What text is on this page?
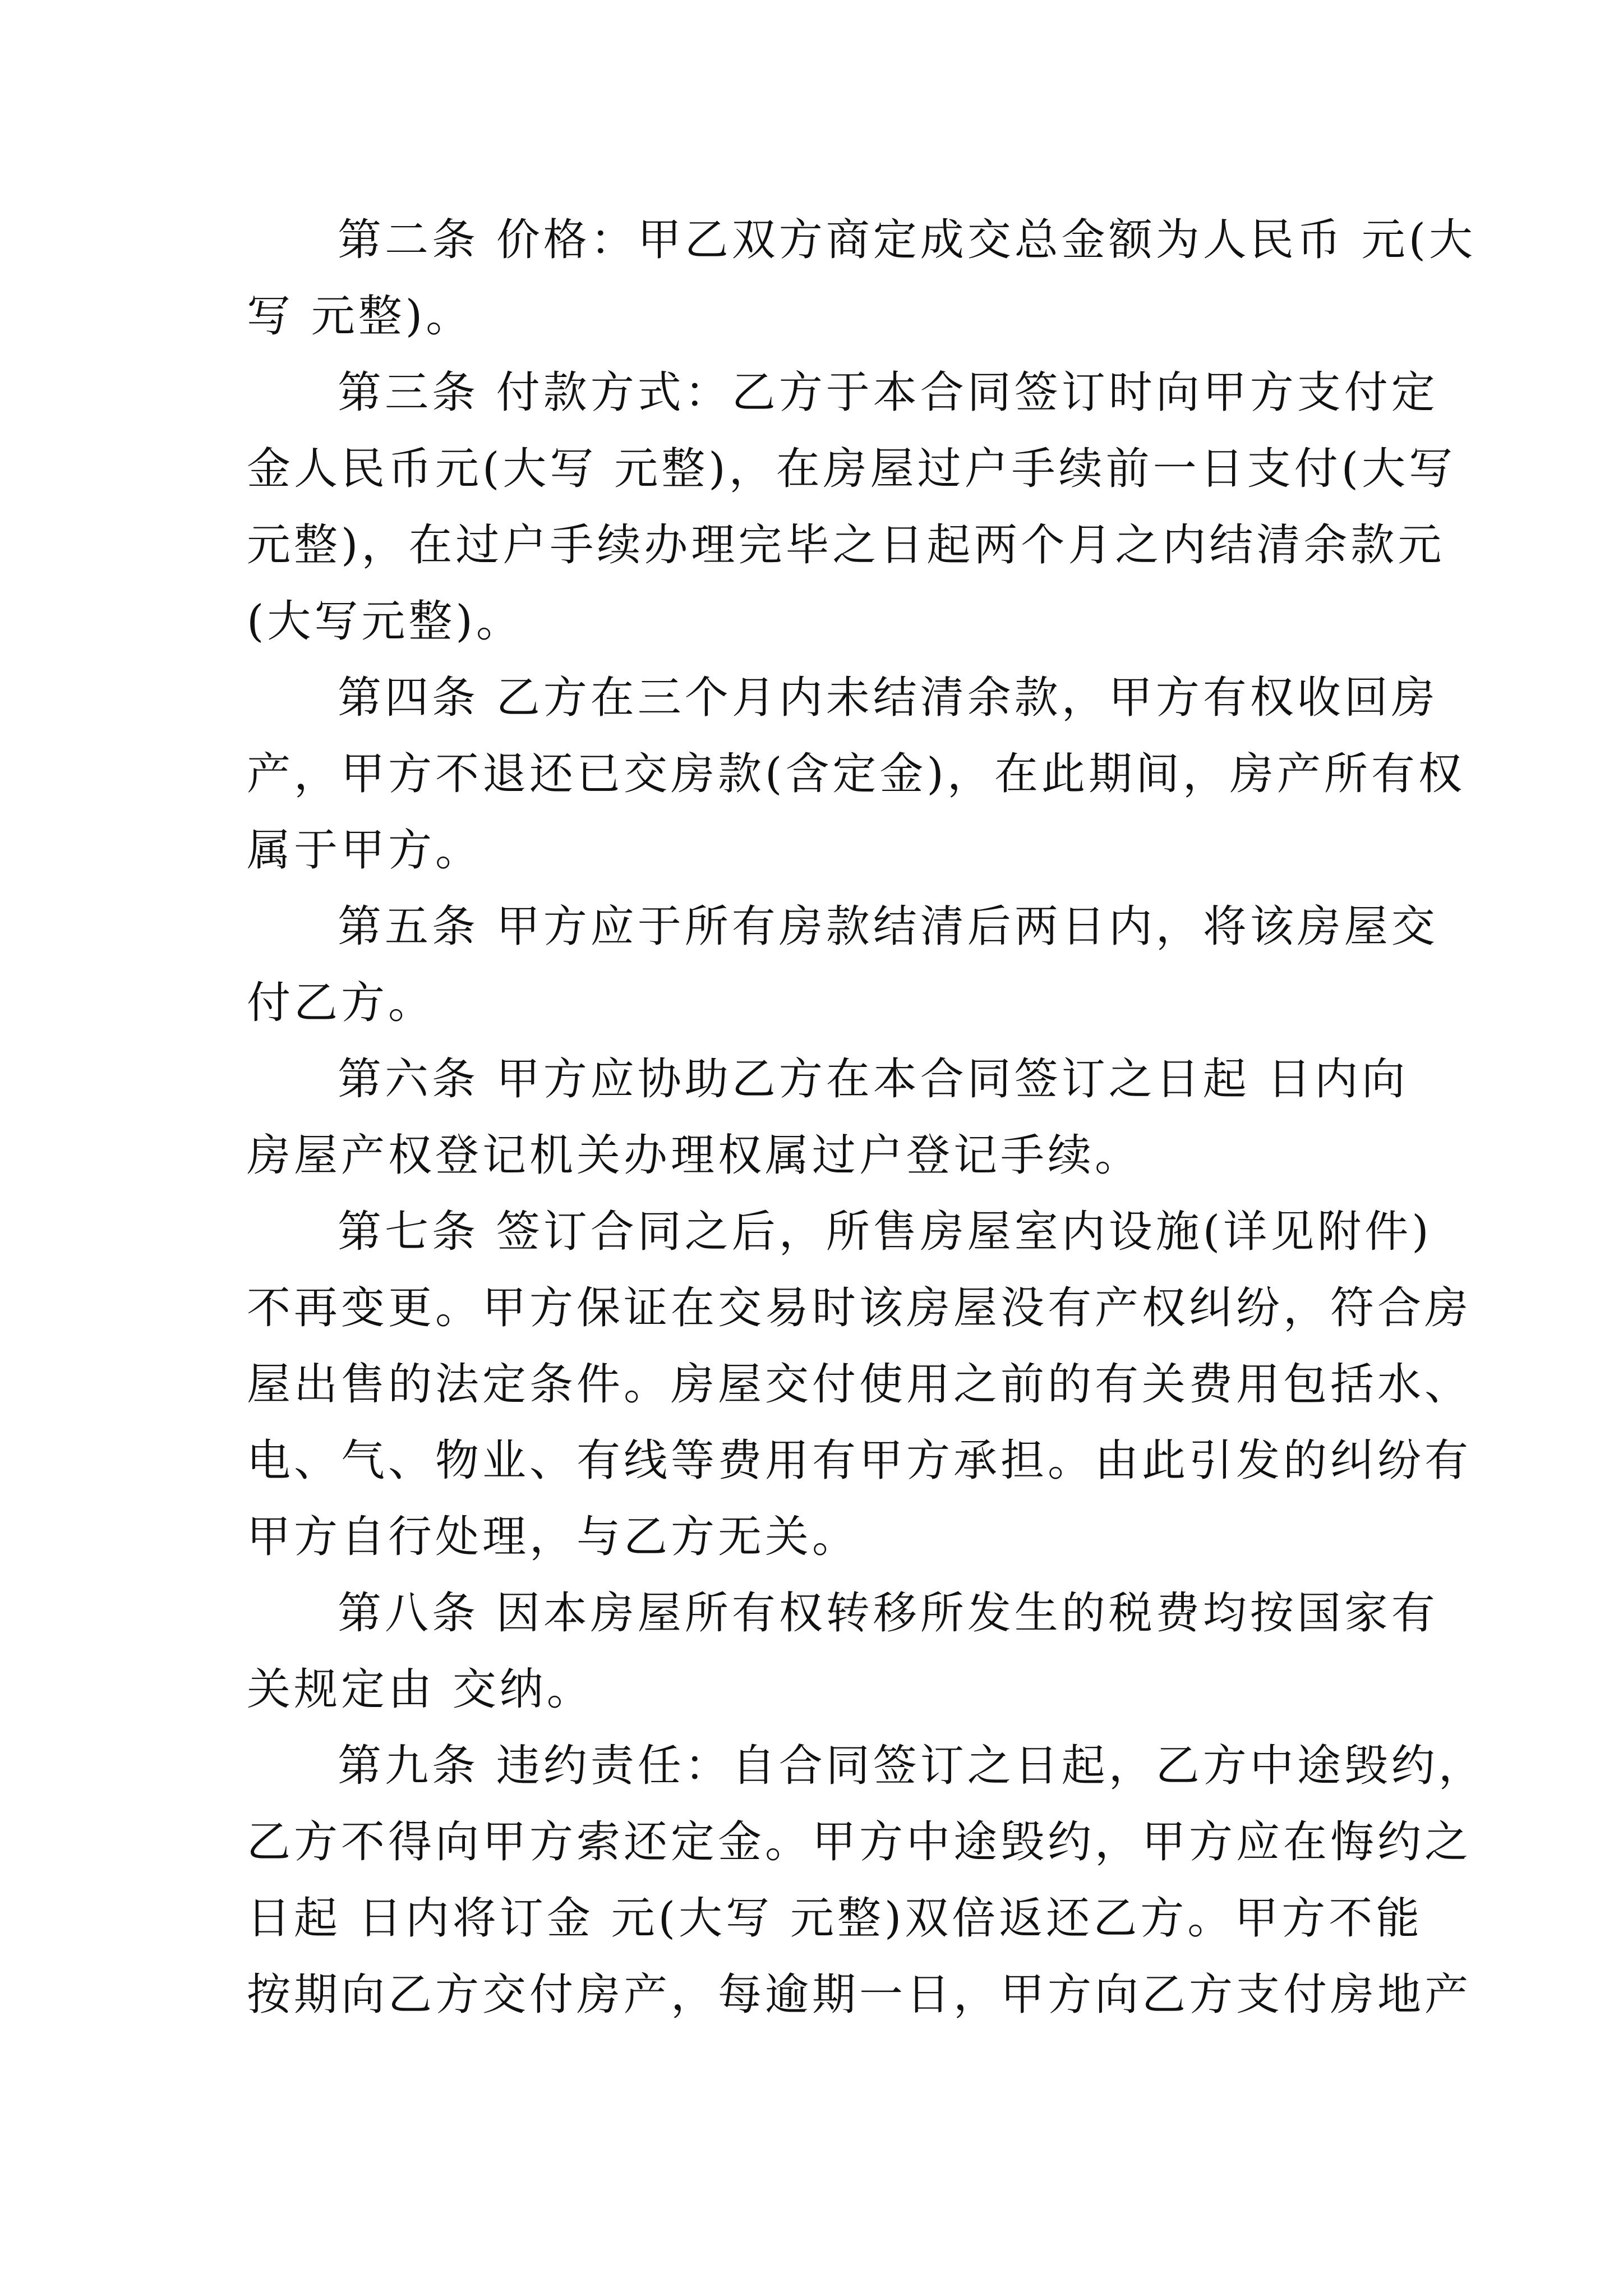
第二条 价格：甲乙双方商定成交总金额为人民币 元(大
写 元整)。
第三条 付款方式：乙方于本合同签订时向甲方支付定
金人民币元(大写 元整)，在房屋过户手续前一日支付(大写
元整)，在过户手续办理完毕之日起两个月之内结清余款元
(大写元整)。
第四条 乙方在三个月内未结清余款，甲方有权收回房
产，甲方不退还已交房款(含定金)，在此期间，房产所有权
属于甲方。
第五条 甲方应于所有房款结清后两日内，将该房屋交
付乙方。
第六条 甲方应协助乙方在本合同签订之日起 日内向
房屋产权登记机关办理权属过户登记手续。
第七条 签订合同之后，所售房屋室内设施(详见附件)
不再变更。甲方保证在交易时该房屋没有产权纠纷，符合房
屋出售的法定条件。房屋交付使用之前的有关费用包括水、
电、气、物业、有线等费用有甲方承担。由此引发的纠纷有
甲方自行处理，与乙方无关。
第八条 因本房屋所有权转移所发生的税费均按国家有
关规定由 交纳。
第九条 违约责任：自合同签订之日起，乙方中途毁约，
乙方不得向甲方索还定金。甲方中途毁约，甲方应在悔约之
日起 日内将订金 元(大写 元整)双倍返还乙方。甲方不能
按期向乙方交付房产，每逾期一日，甲方向乙方支付房地产
